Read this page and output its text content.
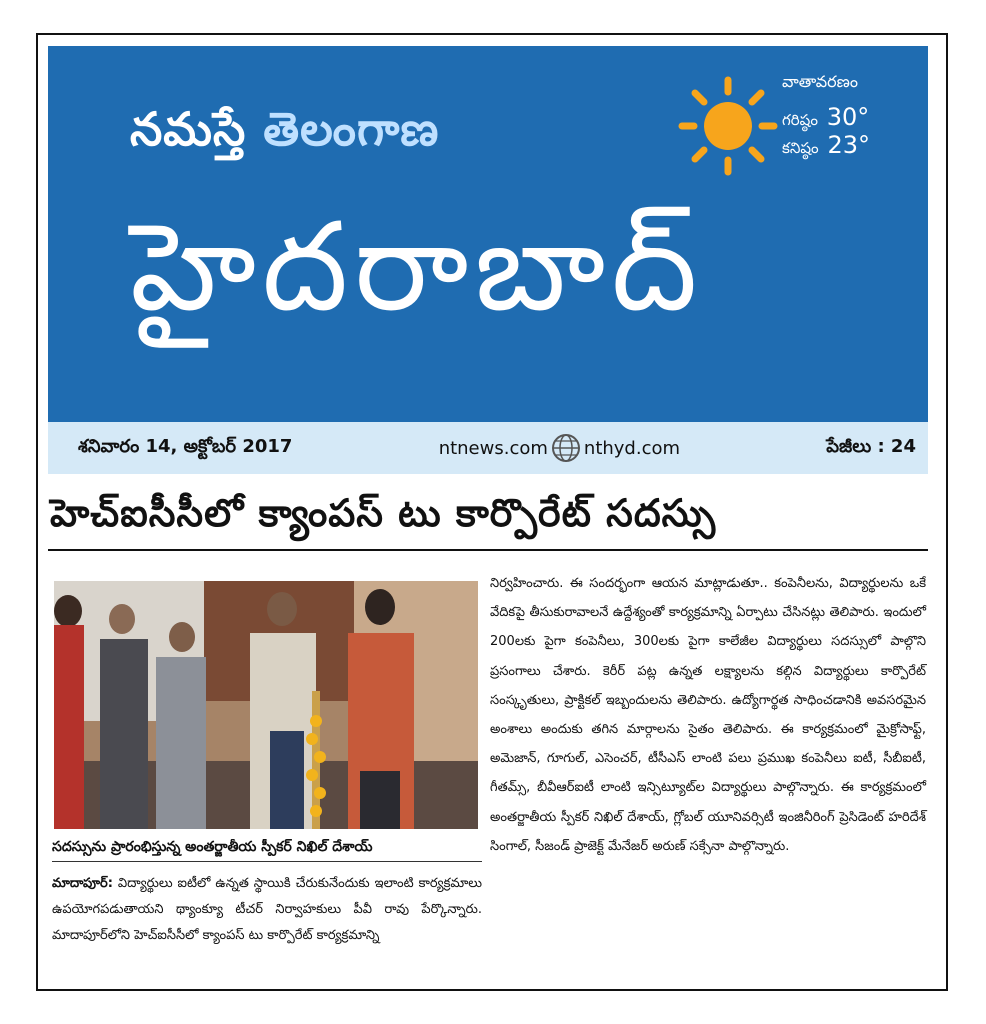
నమస్తే తెలంగాణ
హైదరాబాద్
వాతావరణం
గరిష్ఠం 30°
కనిష్ఠం 23°
శనివారం 14, అక్టోబర్ 2017	ntnews.com nthyd.com	పేజీలు : 24
హెచ్ఐసీసీలో క్యాంపస్ టు కార్పొరేట్ సదస్సు
సదస్సును ప్రారంభిస్తున్న అంతర్జాతీయ స్పీకర్ నిఖిల్ దేశాయ్

మాదాపూర్: విద్యార్థులు ఐటీలో ఉన్నత స్థాయికి చేరుకునేందుకు ఇలాంటి కార్యక్రమాలు ఉపయోగపడుతాయని థ్యాంక్యూ టీచర్ నిర్వాహకులు పీవీ రావు పేర్కొన్నారు. మాదాపూర్‌లోని హెచ్ఐసీసీలో క్యాంపస్ టు కార్పొరేట్ కార్యక్రమాన్ని

నిర్వహించారు. ఈ సందర్భంగా ఆయన మాట్లాడుతూ.. కంపెనీలను, విద్యార్థులను ఒకే వేదికపై తీసుకురావాలనే ఉద్దేశ్యంతో కార్యక్రమాన్ని ఏర్పాటు చేసినట్లు తెలిపారు. ఇందులో 200లకు పైగా కంపెనీలు, 300లకు పైగా కాలేజీల విద్యార్థులు సదస్సులో పాల్గొని ప్రసంగాలు చేశారు. కెరీర్ పట్ల ఉన్నత లక్ష్యాలను కల్గిన విద్యార్థులు కార్పొరేట్ సంస్కృతులు, ప్రాక్టికల్ ఇబ్బందులను తెలిపారు. ఉద్యోగార్థత సాధించడానికి అవసరమైన అంశాలు అందుకు తగిన మార్గాలను సైతం తెలిపారు. ఈ కార్యక్రమంలో మైక్రోసాఫ్ట్, అమెజాన్, గూగుల్, ఎసెంచర్, టీసీఎస్ లాంటి పలు ప్రముఖ కంపెనీలు ఐటీ, సీబీఐటీ, గీతమ్స్, బీవీఆర్ఐటీ లాంటి ఇన్సిట్యూట్‌ల విద్యార్థులు పాల్గొన్నారు. ఈ కార్యక్రమంలో అంతర్జాతీయ స్పీకర్ నిఖిల్ దేశాయ్, గ్లోబల్ యూనివర్సిటీ ఇంజినీరింగ్ ప్రెసిడెంట్ హరిదేశ్ సింగాల్, సీజండ్ ప్రాజెక్ట్ మేనేజర్ అరుణ్ సక్సేనా పాల్గొన్నారు.
